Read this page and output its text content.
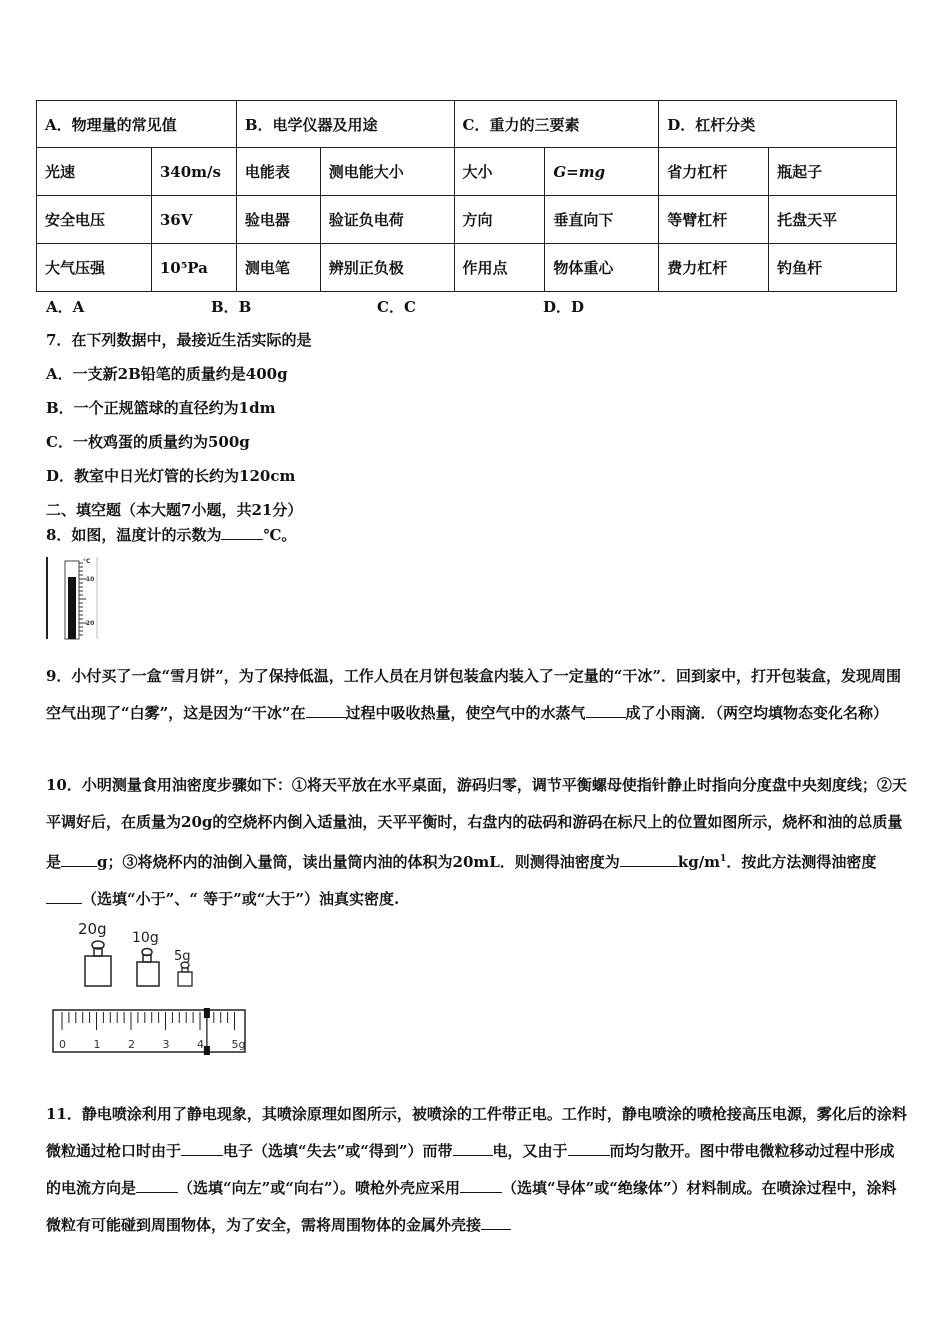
A．物理量的常见值		B．电学仪器及用途		C．重力的三要素		D．杠杆分类	
光速	340m/s	电能表	测电能大小	大小	G=mg	省力杠杆	瓶起子
安全电压	36V	验电器	验证负电荷	方向	垂直向下	等臂杠杆	托盘天平
大气压强	10⁵Pa	测电笔	辨别正负极	作用点	物体重心	费力杠杆	钓鱼杆
A．A	B．B	C．C	D．D
7．在下列数据中，最接近生活实际的是
A．一支新2B铅笔的质量约是400g
B．一个正规篮球的直径约为1dm
C．一枚鸡蛋的质量约为500g
D．教室中日光灯管的长约为120cm
二、填空题（本大题7小题，共21分）
8．如图，温度计的示数为	℃。
°C
10
20
9．小付买了一盒“雪月饼”，为了保持低温，工作人员在月饼包装盒内装入了一定量的“干冰”．回到家中，打开包装盒，发现周围空气出现了“白雾”，这是因为“干冰”在	过程中吸收热量，使空气中的水蒸气	成了小雨滴．（两空均填物态变化名称）
10．小明测量食用油密度步骤如下：①将天平放在水平桌面，游码归零，调节平衡螺母使指针静止时指向分度盘中央刻度线；②天平调好后，在质量为20g的空烧杯内倒入适量油，天平平衡时，右盘内的砝码和游码在标尺上的位置如图所示，烧杯和油的总质量是 g；③将烧杯内的油倒入量筒，读出量筒内油的体积为20mL．则测得油密度为	$kg/m^1$．按此方法测得油密度（选填“小于”、“ 等于”或“大于”）油真实密度.
20g 10g
5g
0	1	2	3	4	5g
11．静电喷涂利用了静电现象，其喷涂原理如图所示，被喷涂的工件带正电。工作时，静电喷涂的喷枪接高压电源，雾化后的涂料微粒通过枪口时由于	电子（选填“失去”或“得到”）而带	电，又由于	而均匀散开。图中带电微粒移动过程中形成的电流方向是	（选填“向左”或“向右”）。喷枪外壳应采用	（选填“导体”或“绝缘体”）材料制成。在喷涂过程中，涂料微粒有可能碰到周围物体，为了安全，需将周围物体的金属外壳接
